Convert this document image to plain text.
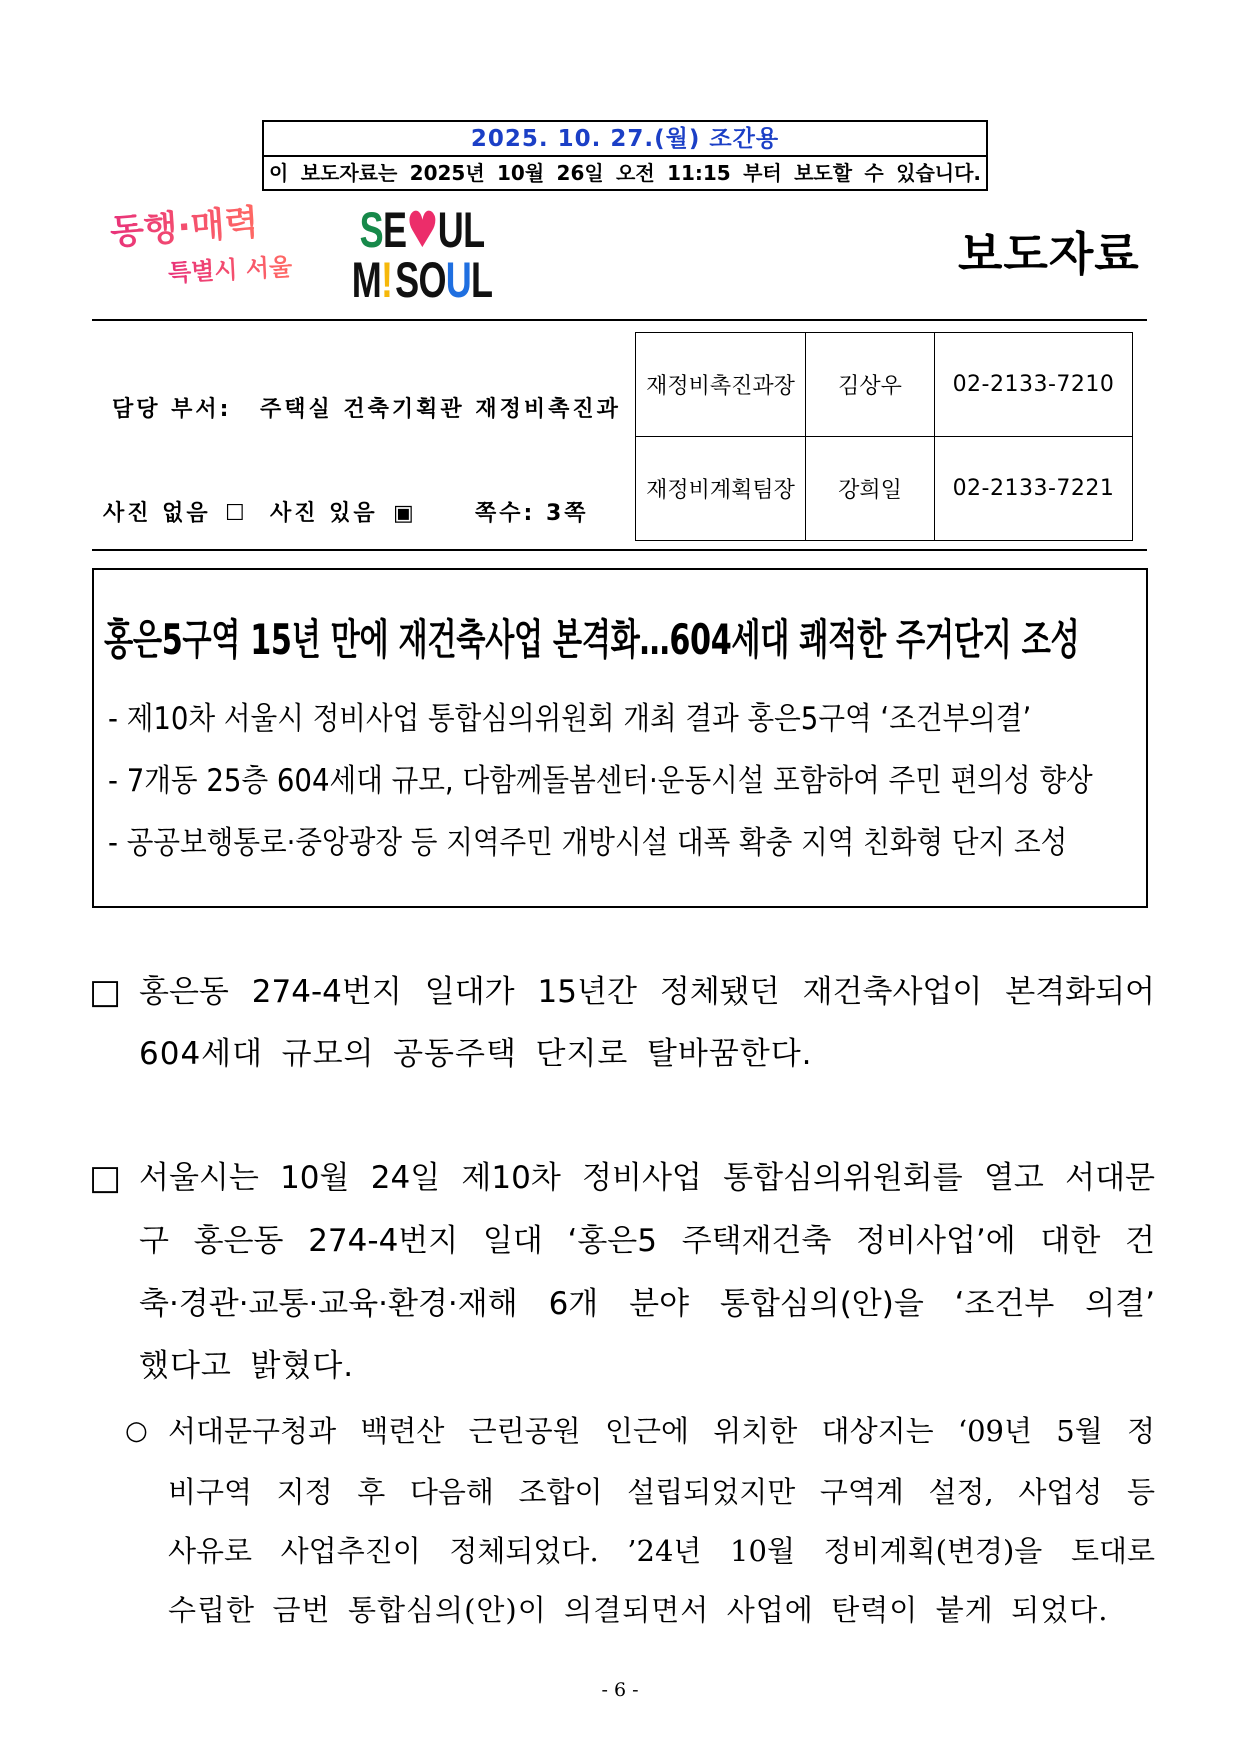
2025. 10. 27.(월) 조간용
이 보도자료는 2025년 10월 26일 오전 11:15 부터 보도할 수 있습니다.
동행·매력
특별시 서울
SE♥UL
M!SOUL	보도자료
담당 부서: 주택실 건축기획관 재정비촉진과
사진 없음 ☐ 사진 있음 ▣	쪽수: 3쪽
재정비촉진과장	김상우	02-2133-7210
재정비계획팀장	강희일	02-2133-7221
홍은5구역 15년 만에 재건축사업 본격화…604세대 쾌적한 주거단지 조성
- 제10차 서울시 정비사업 통합심의위원회 개최 결과 홍은5구역 ‘조건부의결’
- 7개동 25층 604세대 규모, 다함께돌봄센터·운동시설 포함하여 주민 편의성 향상
- 공공보행통로·중앙광장 등 지역주민 개방시설 대폭 확충 지역 친화형 단지 조성
□ 홍은동 274-4번지 일대가 15년간 정체됐던 재건축사업이 본격화되어
604세대 규모의 공동주택 단지로 탈바꿈한다.
□ 서울시는 10월 24일 제10차 정비사업 통합심의위원회를 열고 서대문
구 홍은동 274-4번지 일대 ‘홍은5 주택재건축 정비사업’에 대한 건
축·경관·교통·교육·환경·재해 6개 분야 통합심의(안)을 ‘조건부 의결’
했다고 밝혔다.
○ 서대문구청과 백련산 근린공원 인근에 위치한 대상지는 ‘09년 5월 정
비구역 지정 후 다음해 조합이 설립되었지만 구역계 설정, 사업성 등
사유로 사업추진이 정체되었다. ’24년 10월 정비계획(변경)을 토대로
수립한 금번 통합심의(안)이 의결되면서 사업에 탄력이 붙게 되었다.
- 6 -
